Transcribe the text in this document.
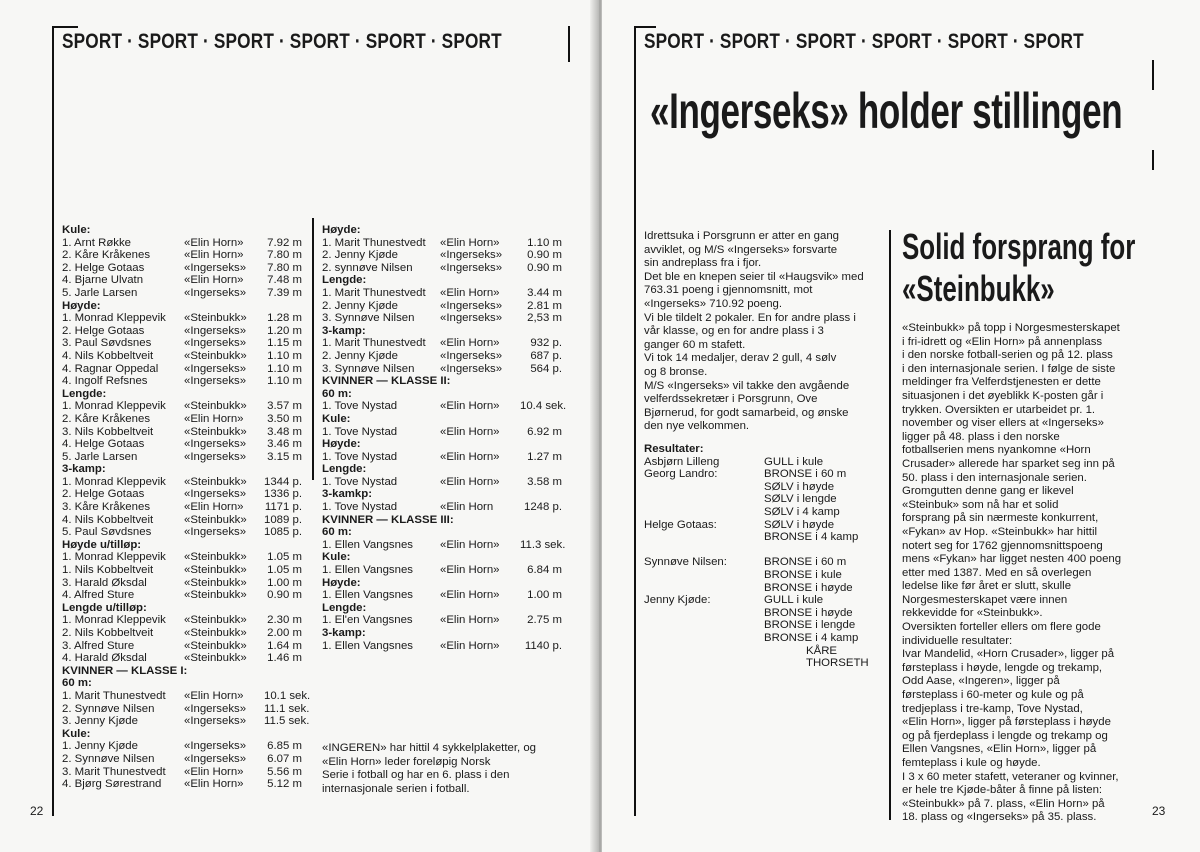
SPORT · SPORT · SPORT · SPORT · SPORT · SPORT
Kule:
1. Arnt Røkke	«Elin Horn»	7.92 m
2. Kåre Kråkenes	«Elin Horn»	7.80 m
2. Helge Gotaas	«Ingerseks»	7.80 m
4. Bjarne Ulvatn	«Elin Horn»	7.48 m
5. Jarle Larsen	«Ingerseks»	7.39 m
Høyde:
1. Monrad Kleppevik	«Steinbukk»	1.28 m
2. Helge Gotaas	«Ingerseks»	1.20 m
3. Paul Søvdsnes	«Ingerseks»	1.15 m
4. Nils Kobbeltveit	«Steinbukk»	1.10 m
4. Ragnar Oppedal	«Ingerseks»	1.10 m
4. Ingolf Refsnes	«Ingerseks»	1.10 m
Lengde:
1. Monrad Kleppevik	«Steinbukk»	3.57 m
2. Kåre Kråkenes	«Elin Horn»	3.50 m
3. Nils Kobbeltveit	«Steinbukk»	3.48 m
4. Helge Gotaas	«Ingerseks»	3.46 m
5. Jarle Larsen	«Ingerseks»	3.15 m
3-kamp:
1. Monrad Kleppevik	«Steinbukk»	1344 p.
2. Helge Gotaas	«Ingerseks»	1336 p.
3. Kåre Kråkenes	«Elin Horn»	1171 p.
4. Nils Kobbeltveit	«Steinbukk»	1089 p.
5. Paul Søvdsnes	«Ingerseks»	1085 p.
Høyde u/tilløp:
1. Monrad Kleppevik	«Steinbukk»	1.05 m
1. Nils Kobbeltveit	«Steinbukk»	1.05 m
3. Harald Øksdal	«Steinbukk»	1.00 m
4. Alfred Sture	«Steinbukk»	0.90 m
Lengde u/tilløp:
1. Monrad Kleppevik	«Steinbukk»	2.30 m
2. Nils Kobbeltveit	«Steinbukk»	2.00 m
3. Alfred Sture	«Steinbukk»	1.64 m
4. Harald Øksdal	«Steinbukk»	1.46 m
KVINNER — KLASSE I:
60 m:
1. Marit Thunestvedt	«Elin Horn»	10.1 sek.
2. Synnøve Nilsen	«Ingerseks»	11.1 sek.
3. Jenny Kjøde	«Ingerseks»	11.5 sek.
Kule:
1. Jenny Kjøde	«Ingerseks»	6.85 m
2. Synnøve Nilsen	«Ingerseks»	6.07 m
3. Marit Thunestvedt	«Elin Horn»	5.56 m
4. Bjørg Sørestrand	«Elin Horn»	5.12 m
Høyde:
1. Marit Thunestvedt	«Elin Horn»	1.10 m
2. Jenny Kjøde	«Ingerseks»	0.90 m
2. synnøve Nilsen	«Ingerseks»	0.90 m
Lengde:
1. Marit Thunestvedt	«Elin Horn»	3.44 m
2. Jenny Kjøde	«Ingerseks»	2.81 m
3. Synnøve Nilsen	«Ingerseks»	2,53 m
3-kamp:
1. Marit Thunestvedt	«Elin Horn»	932 p.
2. Jenny Kjøde	«Ingerseks»	687 p.
3. Synnøve Nilsen	«Ingerseks»	564 p.
KVINNER — KLASSE II:
60 m:
1. Tove Nystad	«Elin Horn»	10.4 sek.
Kule:
1. Tove Nystad	«Elin Horn»	6.92 m
Høyde:
1. Tove Nystad	«Elin Horn»	1.27 m
Lengde:
1. Tove Nystad	«Elin Horn»	3.58 m
3-kamkp:
1. Tove Nystad	«Elin Horn	1248 p.
KVINNER — KLASSE III:
60 m:
1. Ellen Vangsnes	«Elin Horn»	11.3 sek.
Kule:
1. Ellen Vangsnes	«Elin Horn»	6.84 m
Høyde:
1. Ellen Vangsnes	«Elin Horn»	1.00 m
Lengde:
1. El'en Vangsnes	«Elin Horn»	2.75 m
3-kamp:
1. Ellen Vangsnes	«Elin Horn»	1140 p.
«INGEREN» har hittil 4 sykkelplaketter, og
«Elin Horn» leder foreløpig Norsk
Serie i fotball og har en 6. plass i den
internasjonale serien i fotball.
22
SPORT · SPORT · SPORT · SPORT · SPORT · SPORT
«Ingerseks» holder stillingen
Idrettsuka i Porsgrunn er atter en gang
avviklet, og M/S «Ingerseks» forsvarte
sin andreplass fra i fjor.
Det ble en knepen seier til «Haugsvik» med
763.31 poeng i gjennomsnitt, mot
«Ingerseks» 710.92 poeng.
Vi ble tildelt 2 pokaler. En for andre plass i
vår klasse, og en for andre plass i 3
ganger 60 m stafett.
Vi tok 14 medaljer, derav 2 gull, 4 sølv
og 8 bronse.
M/S «Ingerseks» vil takke den avgående
velferdssekretær i Porsgrunn, Ove
Bjørnerud, for godt samarbeid, og ønske
den nye velkommen.
Resultater:
Asbjørn Lilleng	GULL i kule
Georg Landro:	BRONSE i 60 m
SØLV i høyde
SØLV i lengde
SØLV i 4 kamp
Helge Gotaas:	SØLV i høyde
BRONSE i 4 kamp
Synnøve Nilsen:	BRONSE i 60 m
BRONSE i kule
BRONSE i høyde
Jenny Kjøde:	GULL i kule
BRONSE i høyde
BRONSE i lengde
BRONSE i 4 kamp
KÅRE THORSETH
Solid forsprang for
«Steinbukk»
«Steinbukk» på topp i Norgesmesterskapet
i fri-idrett og «Elin Horn» på annenplass
i den norske fotball-serien og på 12. plass
i den internasjonale serien. I følge de siste
meldinger fra Velferdstjenesten er dette
situasjonen i det øyeblikk K-posten går i
trykken. Oversikten er utarbeidet pr. 1.
november og viser ellers at «Ingerseks»
ligger på 48. plass i den norske
fotballserien mens nyankomne «Horn
Crusader» allerede har sparket seg inn på
50. plass i den internasjonale serien.
Gromgutten denne gang er likevel
«Steinbuk» som nå har et solid
forsprang på sin nærmeste konkurrent,
«Fykan» av Hop. «Steinbukk» har hittil
notert seg for 1762 gjennomsnittspoeng
mens «Fykan» har ligget nesten 400 poeng
etter med 1387. Med en så overlegen
ledelse like før året er slutt, skulle
Norgesmesterskapet være innen
rekkevidde for «Steinbukk».
Oversikten forteller ellers om flere gode
individuelle resultater:
Ivar Mandelid, «Horn Crusader», ligger på
førsteplass i høyde, lengde og trekamp,
Odd Aase, «Ingeren», ligger på
førsteplass i 60-meter og kule og på
tredjeplass i tre-kamp, Tove Nystad,
«Elin Horn», ligger på førsteplass i høyde
og på fjerdeplass i lengde og trekamp og
Ellen Vangsnes, «Elin Horn», ligger på
femteplass i kule og høyde.
I 3 x 60 meter stafett, veteraner og kvinner,
er hele tre Kjøde-båter å finne på listen:
«Steinbukk» på 7. plass, «Elin Horn» på
18. plass og «Ingerseks» på 35. plass.	23
